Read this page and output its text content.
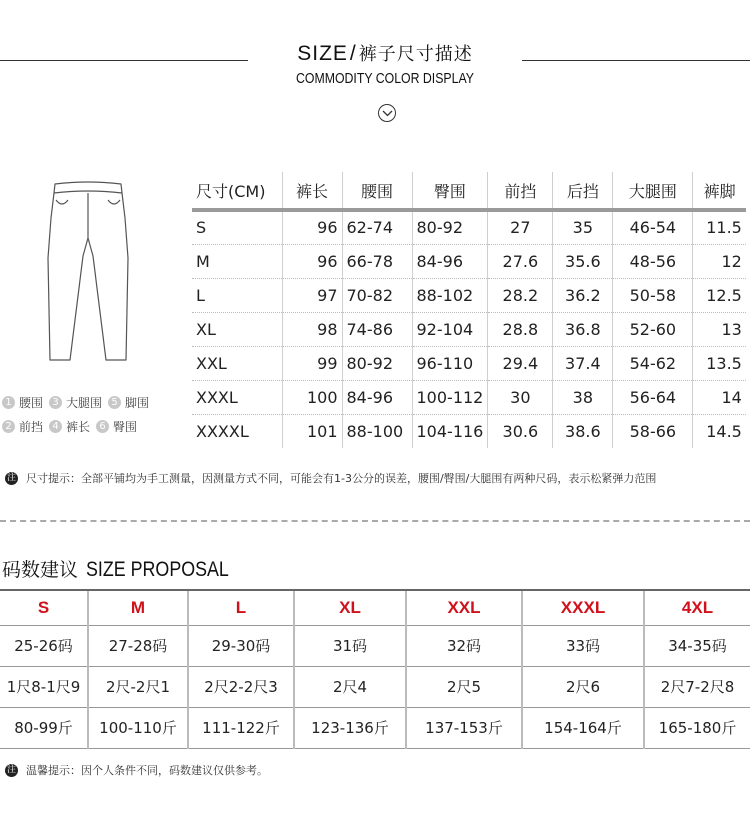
SIZE/ 裤子尺寸描述
COMMODITY COLOR DISPLAY
1 腰围 3 大腿围 5 脚围
2 前挡 4 裤长 6 臀围
尺寸(CM)	裤长	腰围	臀围	前挡	后挡	大腿围	裤脚
S	96	62-74	80-92	27	35	46-54	11.5
M	96	66-78	84-96	27.6	35.6	48-56	12
L	97	70-82	88-102	28.2	36.2	50-58	12.5
XL	98	74-86	92-104	28.8	36.8	52-60	13
XXL	99	80-92	96-110	29.4	37.4	54-62	13.5
XXXL	100	84-96	100-112	30	38	56-64	14
XXXXL	101	88-100	104-116	30.6	38.6	58-66	14.5
注 尺寸提示：全部平铺均为手工测量，因测量方式不同，可能会有1-3公分的误差，腰围/臀围/大腿围有两种尺码，表示松紧弹力范围
码数建议 SIZE PROPOSAL
S	M	L	XL	XXL	XXXL	4XL
25-26码	27-28码	29-30码	31码	32码	33码	34-35码
1尺8-1尺9	2尺-2尺1	2尺2-2尺3	2尺4	2尺5	2尺6	2尺7-2尺8
80-99斤	100-110斤	111-122斤	123-136斤	137-153斤	154-164斤	165-180斤
注 温馨提示：因个人条件不同，码数建议仅供参考。
